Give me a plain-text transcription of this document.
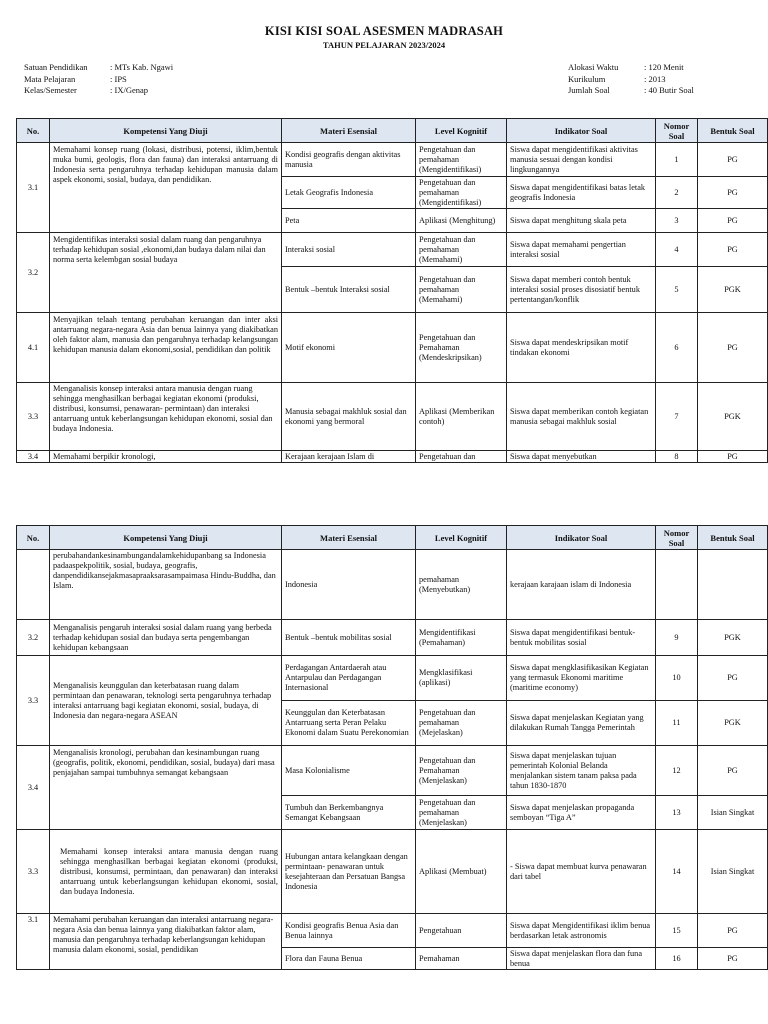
KISI KISI SOAL ASESMEN MADRASAH
TAHUN PELAJARAN 2023/2024
Satuan Pendidikan	: MTs Kab. Ngawi
Mata Pelajaran	: IPS
Kelas/Semester	: IX/Genap
Alokasi Waktu	: 120 Menit
Kurikulum	: 2013
Jumlah Soal	: 40 Butir Soal
No.	Kompetensi Yang Diuji	Materi Esensial	Level Kognitif	Indikator Soal	Nomor Soal	Bentuk Soal
3.1	Memahami konsep ruang (lokasi, distribusi, potensi, iklim,bentuk muka bumi, geologis, flora dan fauna) dan interaksi antarruang di Indonesia serta pengaruhnya terhadap kehidupan manusia dalam aspek ekonomi, sosial, budaya, dan pendidikan.	Kondisi geografis dengan aktivitas manusia	Pengetahuan dan pemahaman (Mengidentifikasi)	Siswa dapat mengidentifikasi aktivitas manusia sesuai dengan kondisi lingkungannya	1	PG
		Letak Geografis Indonesia	Pengetahuan dan pemahaman (Mengidentifikasi)	Siswa dapat mengidentifikasi batas letak geografis Indonesia	2	PG
		Peta	Aplikasi (Menghitung)	Siswa dapat menghitung skala peta	3	PG
3.2	Mengidentifikas interaksi sosial dalam ruang dan pengaruhnya terhadap kehidupan sosial ,ekonomi,dan budaya dalam nilai dan norma serta kelembgan sosial budaya	Interaksi sosial	Pengetahuan dan pemahaman (Memahami)	Siswa dapat memahami pengertian interaksi sosial	4	PG
		Bentuk –bentuk Interaksi sosial	Pengetahuan dan pemahaman (Memahami)	Siswa dapat memberi contoh bentuk interaksi sosial proses disosiatif bentuk pertentangan/konflik	5	PGK
4.1	Menyajikan telaah tentang perubahan keruangan dan inter aksi antarruang negara-negara Asia dan benua lainnya yang diakibatkan oleh faktor alam, manusia dan pengaruhnya terhadap kelangsungan kehidupan manusia dalam ekonomi,sosial, pendidikan dan politik	Motif ekonomi	Pengetahuan dan Pemahaman (Mendeskripsikan)	Siswa dapat mendeskripsikan motif tindakan ekonomi	6	PG
3.3	Menganalisis konsep interaksi antara manusia dengan ruang sehingga menghasilkan berbagai kegiatan ekonomi (produksi, distribusi, konsumsi, penawaran- permintaan) dan interaksi antarruang untuk keberlangsungan kehidupan ekonomi, sosial dan budaya Indonesia.	Manusia sebagai makhluk sosial dan ekonomi yang bermoral	Aplikasi (Memberikan contoh)	Siswa dapat memberikan contoh kegiatan manusia sebagai makhluk sosial	7	PGK
3.4	Memahami berpikir kronologi,	Kerajaan kerajaan Islam di	Pengetahuan dan	Siswa dapat menyebutkan	8	PG
No.	Kompetensi Yang Diuji	Materi Esensial	Level Kognitif	Indikator Soal	Nomor Soal	Bentuk Soal
	perubahandankesinambungandalamkehidupanbang sa Indonesia padaaspekpolitik, sosial, budaya, geografis, danpendidikansejakmasapraaksarasampaimasa Hindu-Buddha, dan Islam.	Indonesia	pemahaman (Menyebutkan)	kerajaan karajaan islam di Indonesia		
3.2	Menganalisis pengaruh interaksi sosial dalam ruang yang berbeda terhadap kehidupan sosial dan budaya serta pengembangan kehidupan kebangsaan	Bentuk –bentuk mobilitas sosial	Mengidentifikasi (Pemahaman)	Siswa dapat mengidentifikasi bentuk-bentuk mobilitas sosial	9	PGK
3.3	Menganalisis keunggulan dan keterbatasan ruang dalam permintaan dan penawaran, teknologi serta pengaruhnya terhadap interaksi antarruang bagi kegiatan ekonomi, sosial, budaya, di Indonesia dan negara-negara ASEAN	Perdagangan Antardaerah atau Antarpulau dan Perdagangan Internasional	Mengklasifikasi (aplikasi)	Siswa dapat mengklasifikasikan Kegiatan yang termasuk Ekonomi maritime (maritime economy)	10	PG
		Keunggulan dan Keterbatasan Antarruang serta Peran Pelaku Ekonomi dalam Suatu Perekonomian	Pengetahuan dan pemahaman (Mejelaskan)	Siswa dapat menjelaskan Kegiatan yang dilakukan Rumah Tangga Pemerintah	11	PGK
3.4	Menganalisis kronologi, perubahan dan kesinambungan ruang (geografis, politik, ekonomi, pendidikan, sosial, budaya) dari masa penjajahan sampai tumbuhnya semangat kebangsaan	Masa Kolonialisme	Pengetahuan dan Pemahaman (Menjelaskan)	Siswa dapat menjelaskan tujuan pemerintah Kolonial Belanda menjalankan sistem tanam paksa pada tahun 1830-1870	12	PG
		Tumbuh dan Berkembangnya Semangat Kebangsaan	Pengetahuan dan pemahaman (Menjelaskan)	Siswa dapat menjelaskan propaganda semboyan “Tiga A”	13	Isian Singkat
3.3	Memahami konsep interaksi antara manusia dengan ruang sehingga menghasilkan berbagai kegiatan ekonomi (produksi, distribusi, konsumsi, permintaan, dan penawaran) dan interaksi antarruang untuk keberlangsungan kehidupan ekonomi, sosial, dan budaya Indonesia.	Hubungan antara kelangkaan dengan permintaan- penawaran untuk kesejahteraan dan Persatuan Bangsa Indonesia	Aplikasi (Membuat)	- Siswa dapat membuat kurva penawaran dari tabel	14	Isian Singkat
3.1	Memahami perubahan keruangan dan interaksi antarruang negara-negara Asia dan benua lainnya yang diakibatkan faktor alam, manusia dan pengaruhnya terhadap keberlangsungan kehidupan manusia dalam ekonomi, sosial, pendidikan	Kondisi geografis Benua Asia dan Benua lainnya	Pengetahuan	Siswa dapat Mengidentifikasi iklim benua berdasarkan letak astronomis	15	PG
		Flora dan Fauna Benua	Pemahaman	Siswa dapat menjelaskan flora dan funa benua	16	PG
